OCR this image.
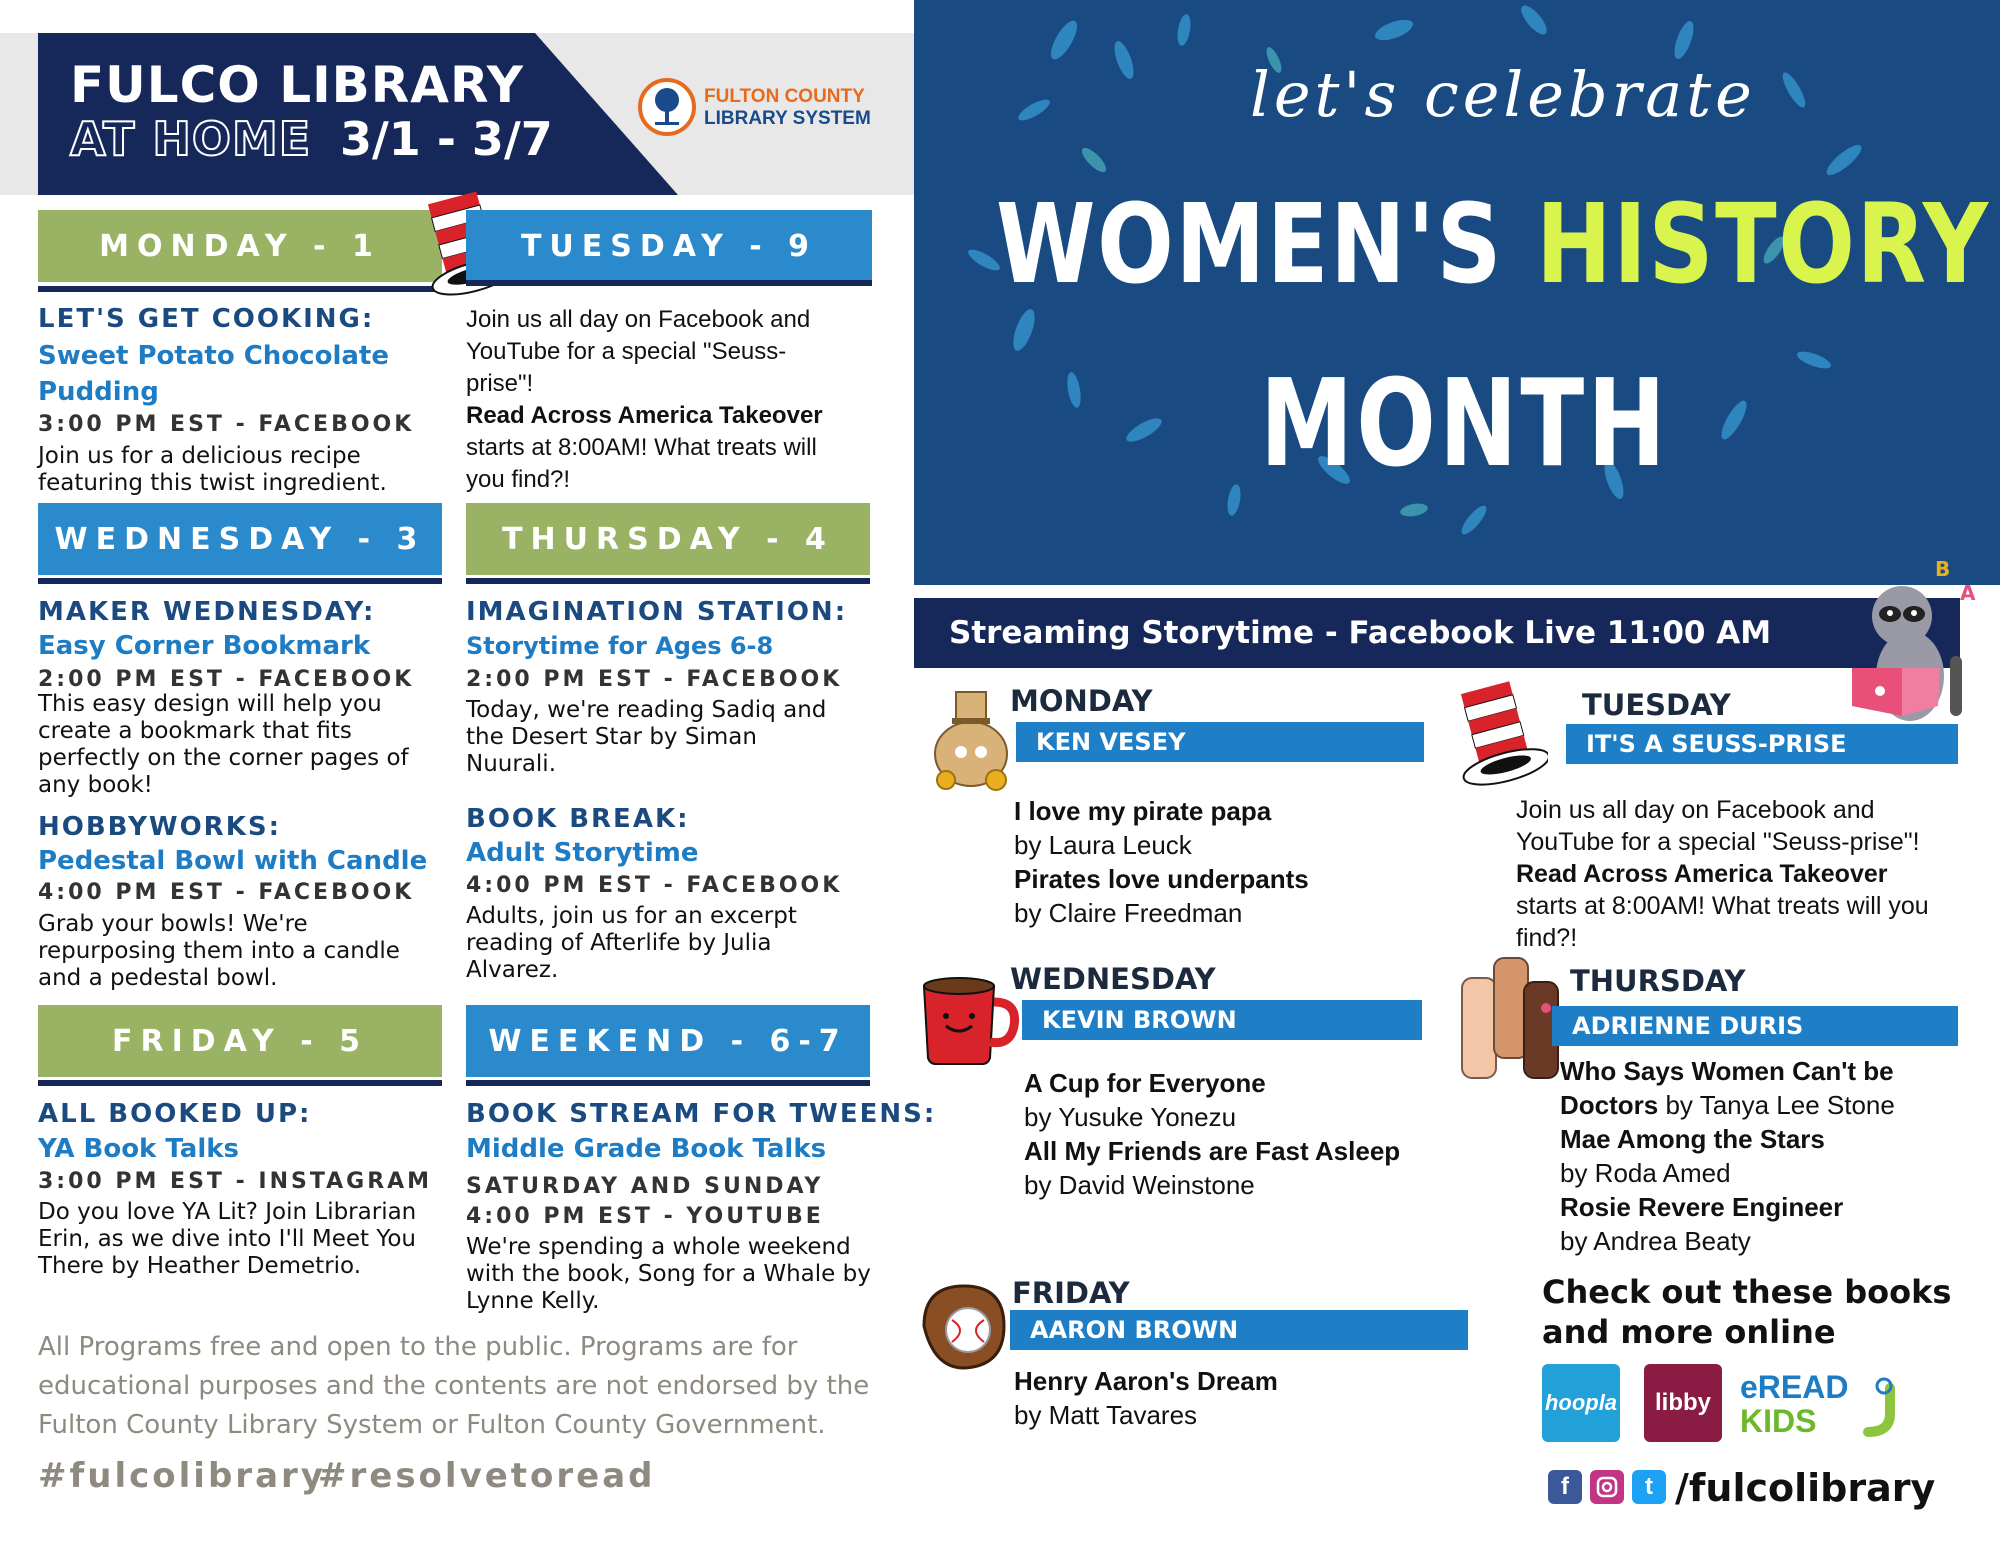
FULCO LIBRARY
AT HOME 3/1 - 3/7
FULTON COUNTY
LIBRARY SYSTEM
MONDAY - 1
LET'S GET COOKING:
Sweet Potato Chocolate Pudding
3:00 PM EST - FACEBOOK
Join us for a delicious recipe featuring this twist ingredient.
TUESDAY - 9
Join us all day on Facebook and
YouTube for a special "Seuss-
prise"!
Read Across America Takeover
starts at 8:00AM! What treats will
you find?!
WEDNESDAY - 3
MAKER WEDNESDAY:
Easy Corner Bookmark
2:00 PM EST - FACEBOOK
This easy design will help you create a bookmark that fits perfectly on the corner pages of any book!
HOBBYWORKS:
Pedestal Bowl with Candle
4:00 PM EST - FACEBOOK
Grab your bowls! We're repurposing them into a candle and a pedestal bowl.
THURSDAY - 4
IMAGINATION STATION:
Storytime for Ages 6-8
2:00 PM EST - FACEBOOK
Today, we're reading Sadiq and the Desert Star by Siman Nuurali.
BOOK BREAK:
Adult Storytime
4:00 PM EST - FACEBOOK
Adults, join us for an excerpt reading of Afterlife by Julia Alvarez.
FRIDAY - 5
ALL BOOKED UP:
YA Book Talks
3:00 PM EST - INSTAGRAM
Do you love YA Lit? Join Librarian Erin, as we dive into I'll Meet You There by Heather Demetrio.
WEEKEND - 6-7
BOOK STREAM FOR TWEENS:
Middle Grade Book Talks
SATURDAY AND SUNDAY
4:00 PM EST - YOUTUBE
We're spending a whole weekend with the book, Song for a Whale by Lynne Kelly.
All Programs free and open to the public. Programs are for educational purposes and the contents are not endorsed by the Fulton County Library System or Fulton County Government.
#fulcolibrary
#resolvetoread
let's celebrate
WOMEN'S HISTORY
MONTH
Streaming Storytime - Facebook Live 11:00 AM
B
A
MONDAY
KEN VESEY
I love my pirate papa
by Laura Leuck
Pirates love underpants
by Claire Freedman
TUESDAY
IT'S A SEUSS-PRISE
Join us all day on Facebook and
YouTube for a special "Seuss-prise"!
Read Across America Takeover
starts at 8:00AM! What treats will you
find?!
WEDNESDAY
KEVIN BROWN
A Cup for Everyone
by Yusuke Yonezu
All My Friends are Fast Asleep
by David Weinstone
THURSDAY
ADRIENNE DURIS
Who Says Women Can't be
Doctors by Tanya Lee Stone
Mae Among the Stars
by Roda Amed
Rosie Revere Engineer
by Andrea Beaty
FRIDAY
AARON BROWN
Henry Aaron's Dream
by Matt Tavares
Check out these books
and more online
hoopla libby eREAD
KIDS
f	t /fulcolibrary
